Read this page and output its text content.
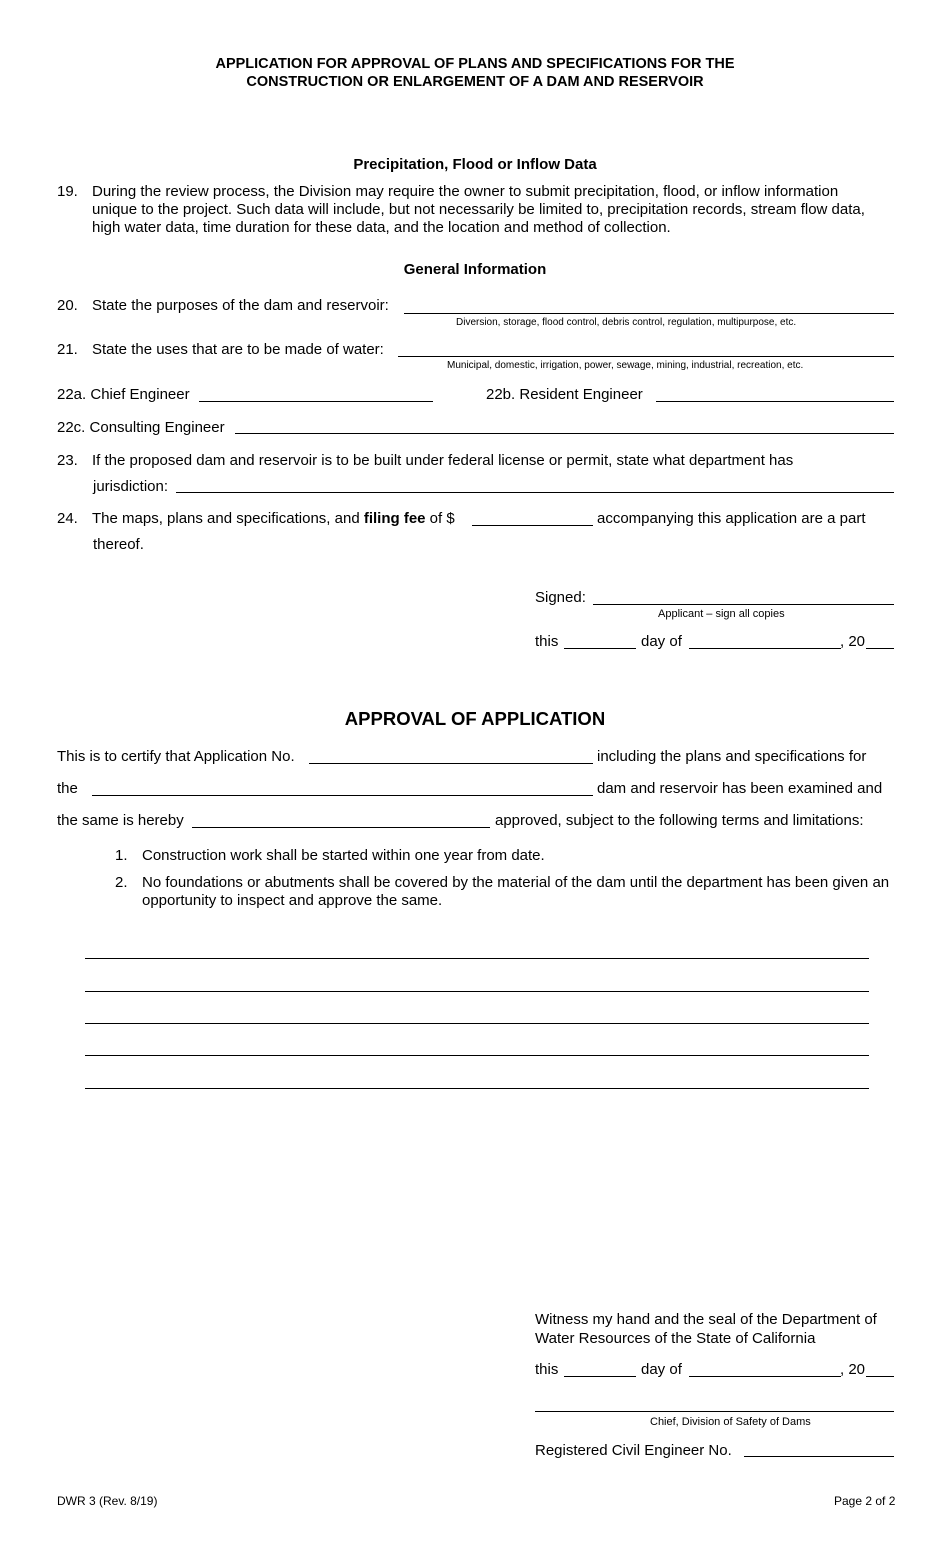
APPLICATION FOR APPROVAL OF PLANS AND SPECIFICATIONS FOR THE
CONSTRUCTION OR ENLARGEMENT OF A DAM AND RESERVOIR
Precipitation, Flood or Inflow Data
19. During the review process, the Division may require the owner to submit precipitation, flood, or inflow information unique to the project. Such data will include, but not necessarily be limited to, precipitation records, stream flow data, high water data, time duration for these data, and the location and method of collection.
General Information
20. State the purposes of the dam and reservoir:
Diversion, storage, flood control, debris control, regulation, multipurpose, etc.
21. State the uses that are to be made of water:
Municipal, domestic, irrigation, power, sewage, mining, industrial, recreation, etc.
22a. Chief Engineer	22b. Resident Engineer
22c. Consulting Engineer
23. If the proposed dam and reservoir is to be built under federal license or permit, state what department has
jurisdiction:
24. The maps, plans and specifications, and filing fee of $	accompanying this application are a part
thereof.
Signed:
Applicant – sign all copies
this	day of	, 20
APPROVAL OF APPLICATION
This is to certify that Application No.	including the plans and specifications for
the	dam and reservoir has been examined and
the same is hereby	approved, subject to the following terms and limitations:
1. Construction work shall be started within one year from date.
2. No foundations or abutments shall be covered by the material of the dam until the department has been given an opportunity to inspect and approve the same.
Witness my hand and the seal of the Department of
Water Resources of the State of California
this	day of	, 20
Chief, Division of Safety of Dams
Registered Civil Engineer No.
DWR 3 (Rev. 8/19)	Page 2 of 2
